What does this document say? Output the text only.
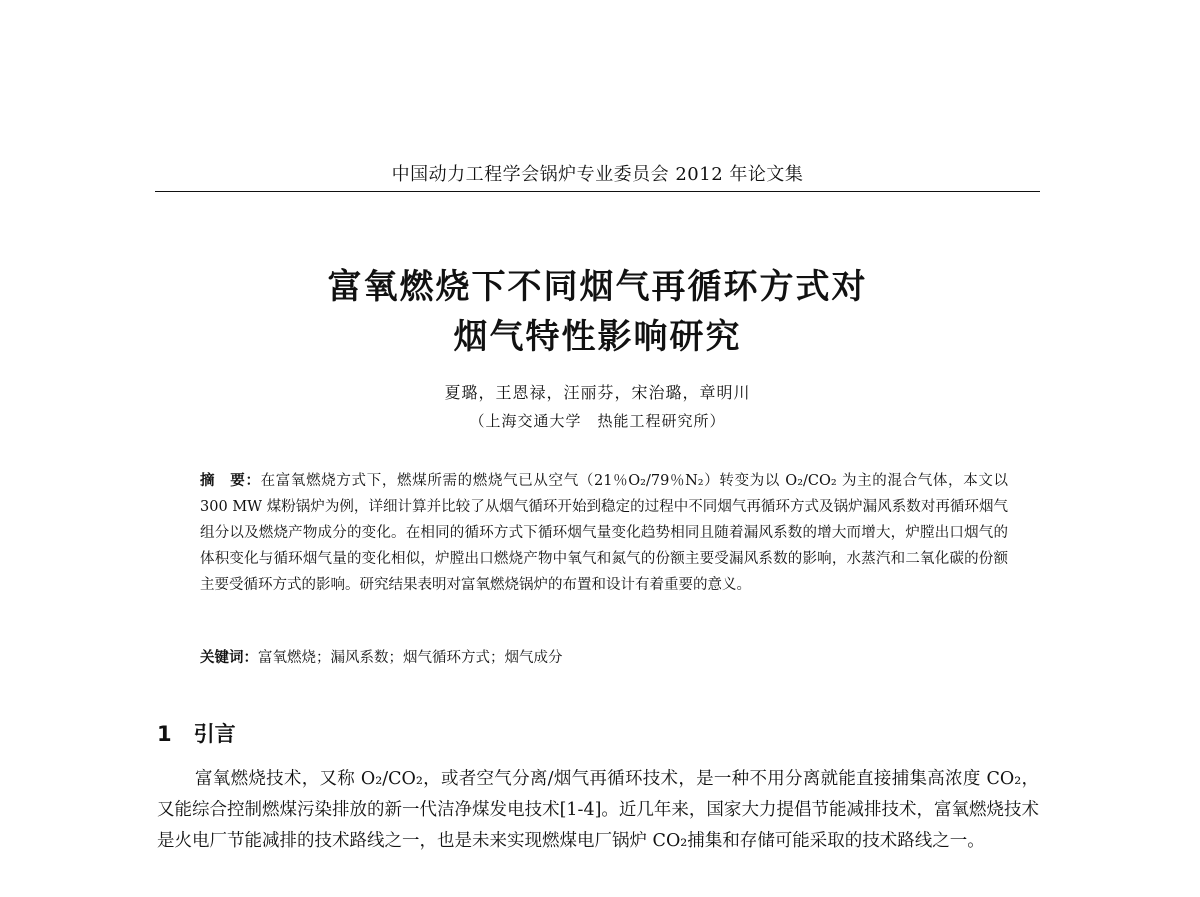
中国动力工程学会锅炉专业委员会 2012 年论文集
富氧燃烧下不同烟气再循环方式对
烟气特性影响研究
夏璐，王恩禄，汪丽芬，宋治璐，章明川
（上海交通大学　热能工程研究所）
摘　要：在富氧燃烧方式下，燃煤所需的燃烧气已从空气（21％O₂/79％N₂）转变为以 O₂/CO₂ 为主的混合气体，本文以 300 MW 煤粉锅炉为例，详细计算并比较了从烟气循环开始到稳定的过程中不同烟气再循环方式及锅炉漏风系数对再循环烟气组分以及燃烧产物成分的变化。在相同的循环方式下循环烟气量变化趋势相同且随着漏风系数的增大而增大，炉膛出口烟气的体积变化与循环烟气量的变化相似，炉膛出口燃烧产物中氧气和氮气的份额主要受漏风系数的影响，水蒸汽和二氧化碳的份额主要受循环方式的影响。研究结果表明对富氧燃烧锅炉的布置和设计有着重要的意义。
关键词：富氧燃烧；漏风系数；烟气循环方式；烟气成分
1 引言
富氧燃烧技术，又称 O₂/CO₂，或者空气分离/烟气再循环技术，是一种不用分离就能直接捕集高浓度 CO₂，又能综合控制燃煤污染排放的新一代洁净煤发电技术[1-4]。近几年来，国家大力提倡节能减排技术，富氧燃烧技术是火电厂节能减排的技术路线之一，也是未来实现燃煤电厂锅炉 CO₂捕集和存储可能采取的技术路线之一。
